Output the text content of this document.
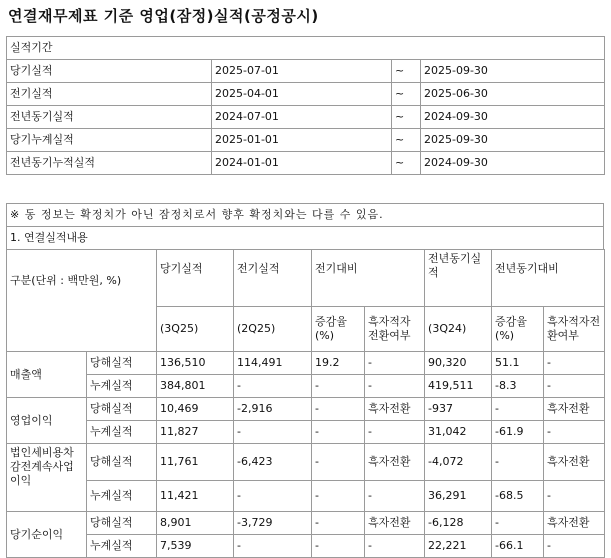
연결재무제표 기준 영업(잠정)실적(공정공시)
실적기간			
당기실적	2025-07-01	~	2025-09-30
전기실적	2025-04-01	~	2025-06-30
전년동기실적	2024-07-01	~	2024-09-30
당기누계실적	2025-01-01	~	2025-09-30
전년동기누적실적	2024-01-01	~	2024-09-30
※ 동 정보는 확정치가 아닌 잠정치로서 향후 확정치와는 다를 수 있음.
1. 연결실적내용
구분(단위 : 백만원, %)		당기실적	전기실적	전기대비		전년동기실적	전년동기대비	

		(3Q25)	(2Q25)	증감율(%)	흑자적자전환여부	(3Q24)	증감율(%)	흑자적자전환여부
매출액	당해실적	136,510	114,491	19.2	-	90,320	51.1	-
	누계실적	384,801	-	-	-	419,511	-8.3	-
영업이익	당해실적	10,469	-2,916	-	흑자전환	-937	-	흑자전환
	누계실적	11,827	-	-	-	31,042	-61.9	-
법인세비용차감전계속사업이익	당해실적	11,761	-6,423	-	흑자전환	-4,072	-	흑자전환
	누계실적	11,421	-	-	-	36,291	-68.5	-
당기순이익	당해실적	8,901	-3,729	-	흑자전환	-6,128	-	흑자전환
	누계실적	7,539	-	-	-	22,221	-66.1	-
